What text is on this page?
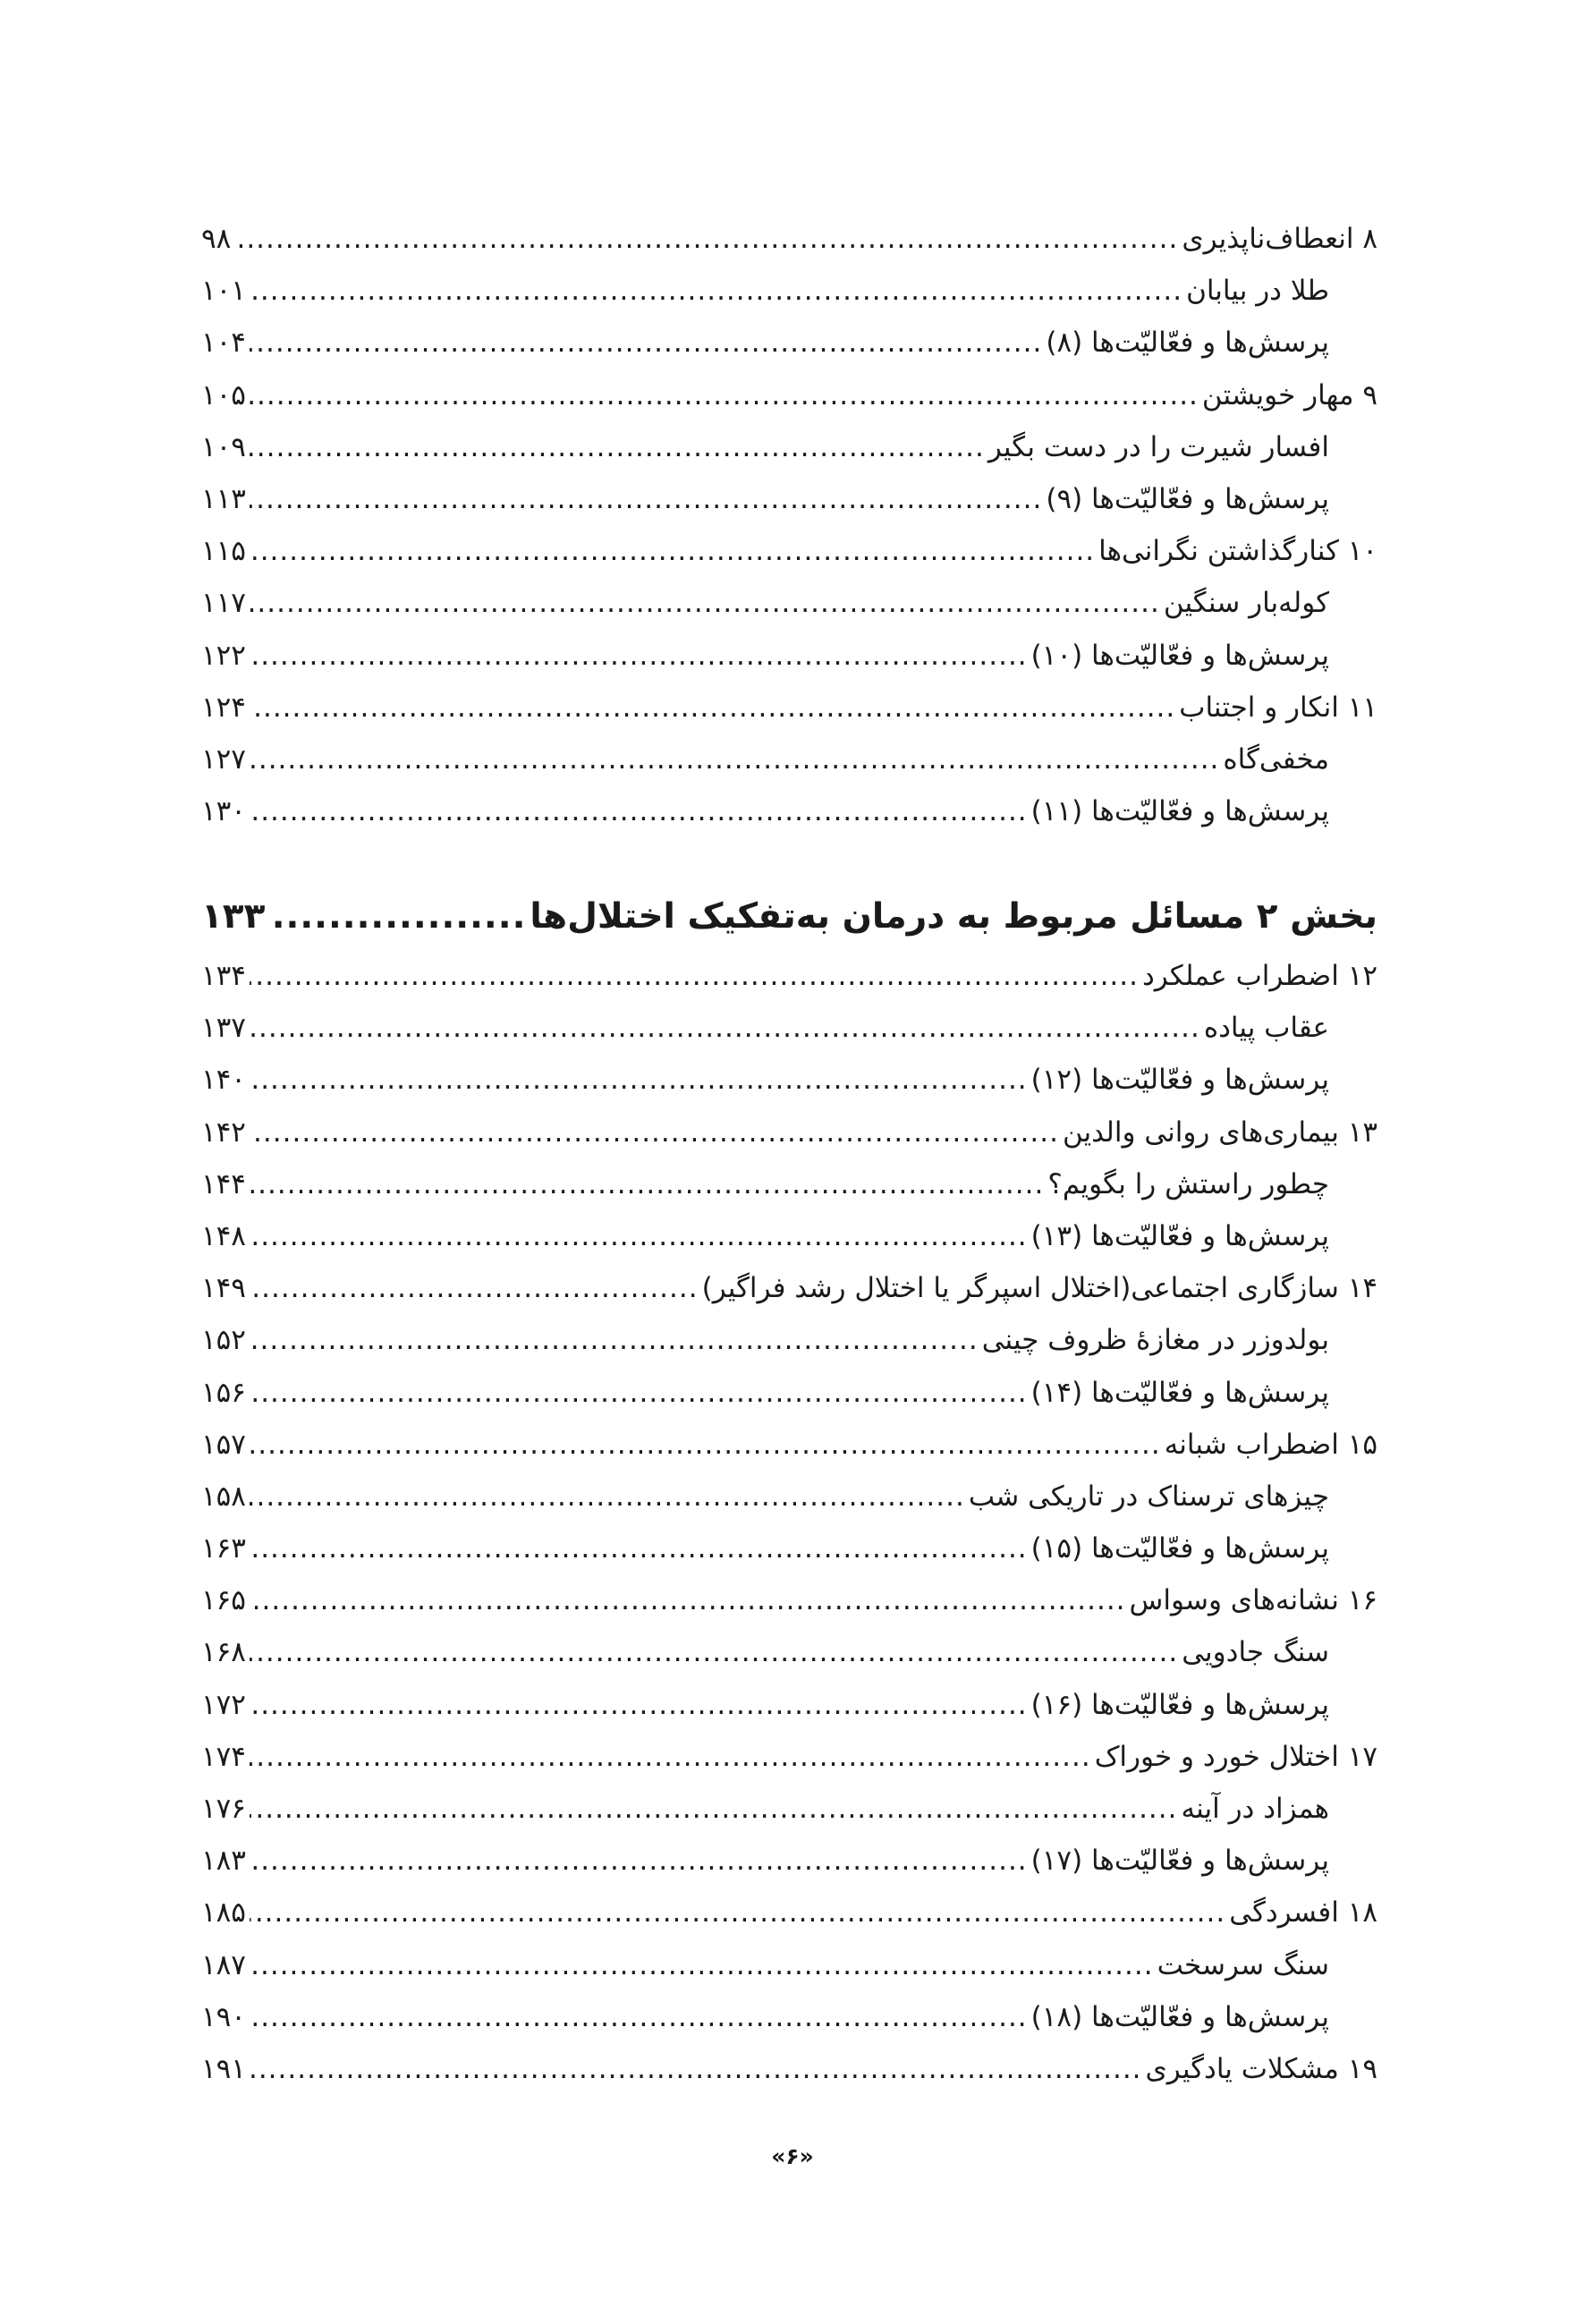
۸ انعطاف‌ناپذیری
.....
۹۸
طلا در بیابان
.....
۱۰۱
پرسش‌ها و فعّالیّت‌ها (۸)
.....
۱۰۴
۹ مهار خویشتن
.....
۱۰۵
افسار شیرت را در دست بگیر
.....
۱۰۹
پرسش‌ها و فعّالیّت‌ها (۹)
.....
۱۱۳
۱۰ کنارگذاشتن نگرانی‌ها
.....
۱۱۵
کوله‌بار سنگین
.....
۱۱۷
پرسش‌ها و فعّالیّت‌ها (۱۰)
.....
۱۲۲
۱۱ انکار و اجتناب
.....
۱۲۴
مخفی‌گاه
.....
۱۲۷
پرسش‌ها و فعّالیّت‌ها (۱۱)
.....
۱۳۰
بخش ۲ مسائل مربوط به درمان به‌تفکیک اختلال‌ها
.....
۱۳۳
۱۲ اضطراب عملکرد
.....
۱۳۴
عقاب پیاده
.....
۱۳۷
پرسش‌ها و فعّالیّت‌ها (۱۲)
.....
۱۴۰
۱۳ بیماری‌های روانی والدین
.....
۱۴۲
چطور راستش را بگویم؟
.....
۱۴۴
پرسش‌ها و فعّالیّت‌ها (۱۳)
.....
۱۴۸
۱۴ سازگاری اجتماعی(اختلال اسپرگر یا اختلال رشد فراگیر)
.....
۱۴۹
بولدوزر در مغازهٔ ظروف چینی
.....
۱۵۲
پرسش‌ها و فعّالیّت‌ها (۱۴)
.....
۱۵۶
۱۵ اضطراب شبانه
.....
۱۵۷
چیزهای ترسناک در تاریکی شب
.....
۱۵۸
پرسش‌ها و فعّالیّت‌ها (۱۵)
.....
۱۶۳
۱۶ نشانه‌های وسواس
.....
۱۶۵
سنگ جادویی
.....
۱۶۸
پرسش‌ها و فعّالیّت‌ها (۱۶)
.....
۱۷۲
۱۷ اختلال خورد و خوراک
.....
۱۷۴
همزاد در آینه
.....
۱۷۶
پرسش‌ها و فعّالیّت‌ها (۱۷)
.....
۱۸۳
۱۸ افسردگی
.....
۱۸۵
سنگ سرسخت
.....
۱۸۷
پرسش‌ها و فعّالیّت‌ها (۱۸)
.....
۱۹۰
۱۹ مشکلات یادگیری
.....
۱۹۱
«۶»
